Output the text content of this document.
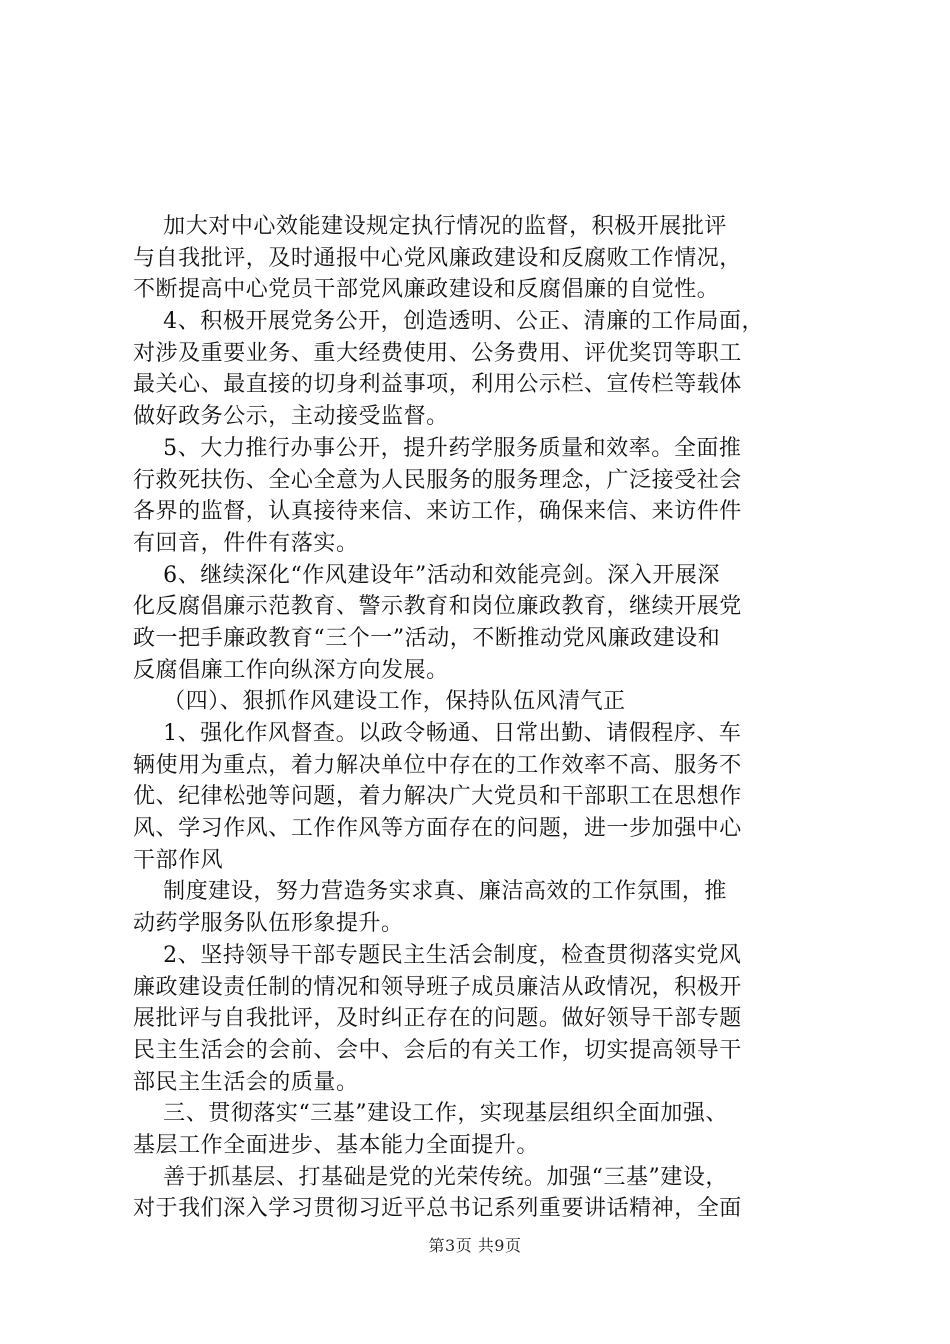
加大对中心效能建设规定执行情况的监督，积极开展批评
与自我批评，及时通报中心党风廉政建设和反腐败工作情况，
不断提高中心党员干部党风廉政建设和反腐倡廉的自觉性。
4、积极开展党务公开，创造透明、公正、清廉的工作局面，
对涉及重要业务、重大经费使用、公务费用、评优奖罚等职工
最关心、最直接的切身利益事项，利用公示栏、宣传栏等载体
做好政务公示，主动接受监督。
5、大力推行办事公开，提升药学服务质量和效率。全面推
行救死扶伤、全心全意为人民服务的服务理念，广泛接受社会
各界的监督，认真接待来信、来访工作，确保来信、来访件件
有回音，件件有落实。
6、继续深化“作风建设年”活动和效能亮剑。深入开展深
化反腐倡廉示范教育、警示教育和岗位廉政教育，继续开展党
政一把手廉政教育“三个一”活动，不断推动党风廉政建设和
反腐倡廉工作向纵深方向发展。
（四）、狠抓作风建设工作，保持队伍风清气正
1、强化作风督查。以政令畅通、日常出勤、请假程序、车
辆使用为重点，着力解决单位中存在的工作效率不高、服务不
优、纪律松弛等问题，着力解决广大党员和干部职工在思想作
风、学习作风、工作作风等方面存在的问题，进一步加强中心
干部作风
制度建设，努力营造务实求真、廉洁高效的工作氛围，推
动药学服务队伍形象提升。
2、坚持领导干部专题民主生活会制度，检查贯彻落实党风
廉政建设责任制的情况和领导班子成员廉洁从政情况，积极开
展批评与自我批评，及时纠正存在的问题。做好领导干部专题
民主生活会的会前、会中、会后的有关工作，切实提高领导干
部民主生活会的质量。
三、贯彻落实“三基”建设工作，实现基层组织全面加强、
基层工作全面进步、基本能力全面提升。
善于抓基层、打基础是党的光荣传统。加强“三基”建设，
对于我们深入学习贯彻习近平总书记系列重要讲话精神，全面
第3页 共9页
